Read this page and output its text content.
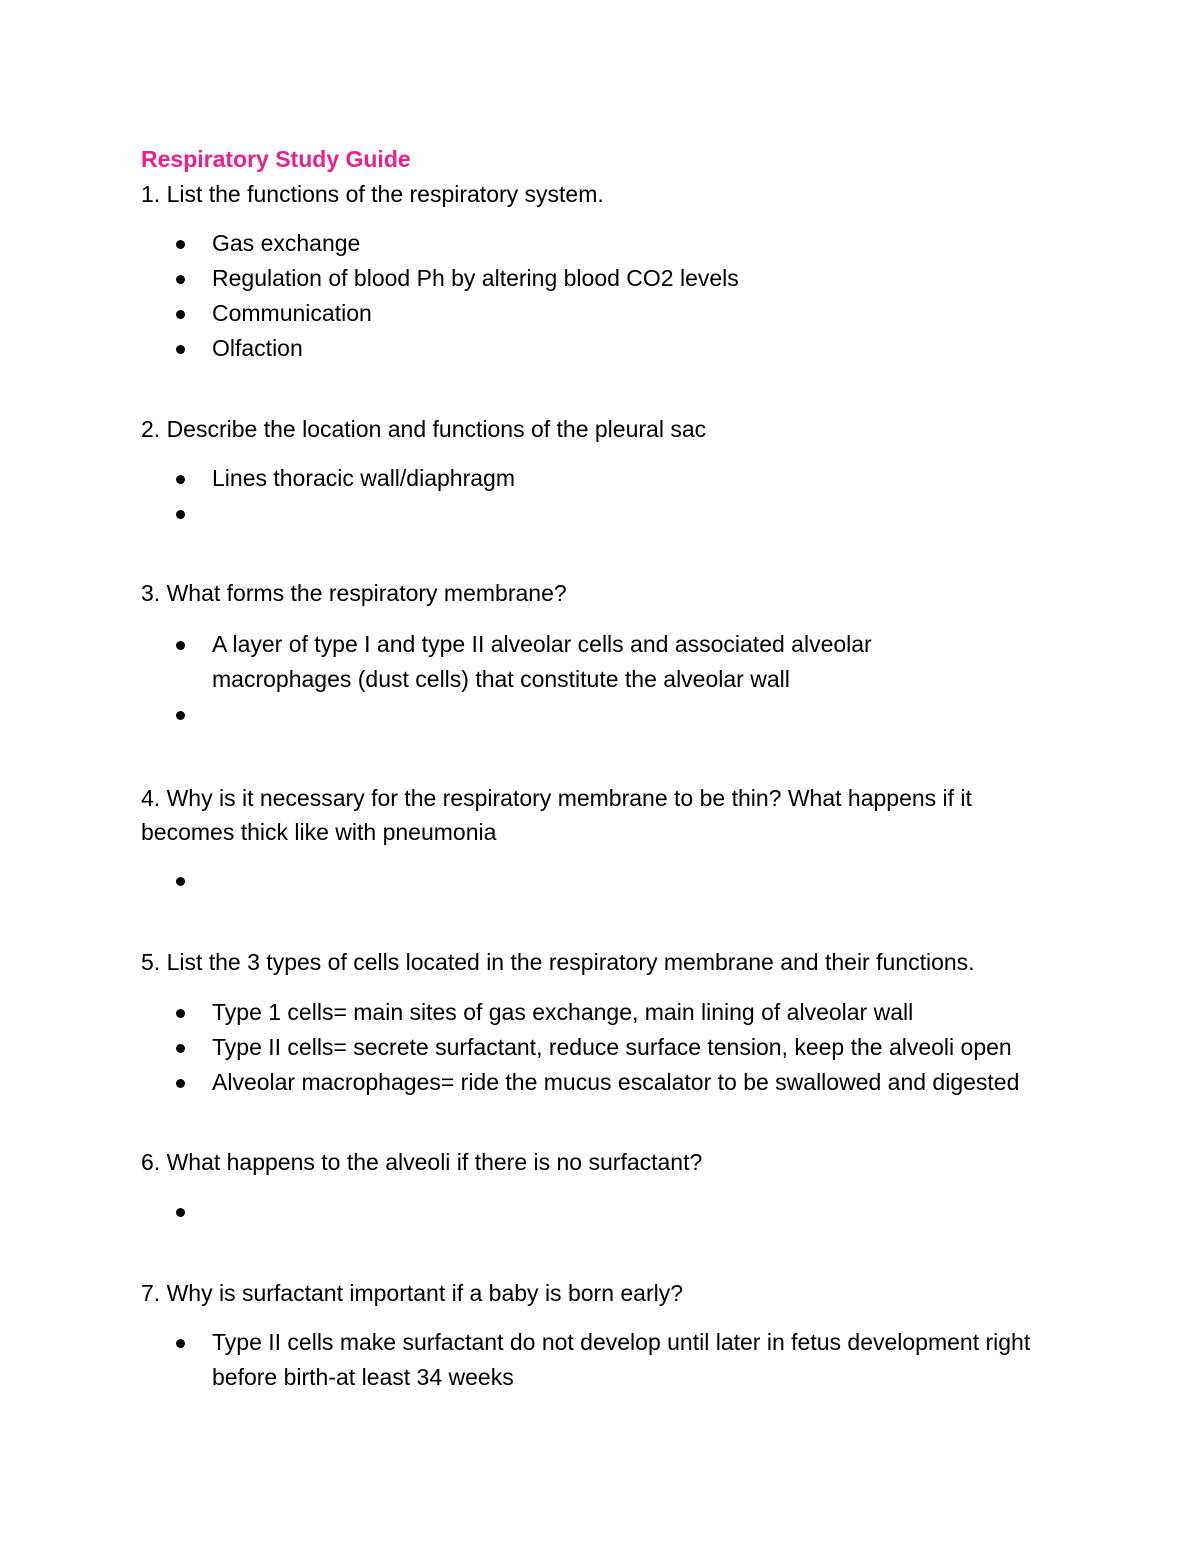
Respiratory Study Guide
1. List the functions of the respiratory system.
Gas exchange
Regulation of blood Ph by altering blood CO2 levels
Communication
Olfaction
2. Describe the location and functions of the pleural sac
Lines thoracic wall/diaphragm
3. What forms the respiratory membrane?
A layer of type I and type II alveolar cells and associated alveolar macrophages (dust cells) that constitute the alveolar wall
4. Why is it necessary for the respiratory membrane to be thin? What happens if it becomes thick like with pneumonia
5. List the 3 types of cells located in the respiratory membrane and their functions.
Type 1 cells= main sites of gas exchange, main lining of alveolar wall
Type II cells= secrete surfactant, reduce surface tension, keep the alveoli open
Alveolar macrophages= ride the mucus escalator to be swallowed and digested
6. What happens to the alveoli if there is no surfactant?
7. Why is surfactant important if a baby is born early?
Type II cells make surfactant do not develop until later in fetus development right before birth-at least 34 weeks
